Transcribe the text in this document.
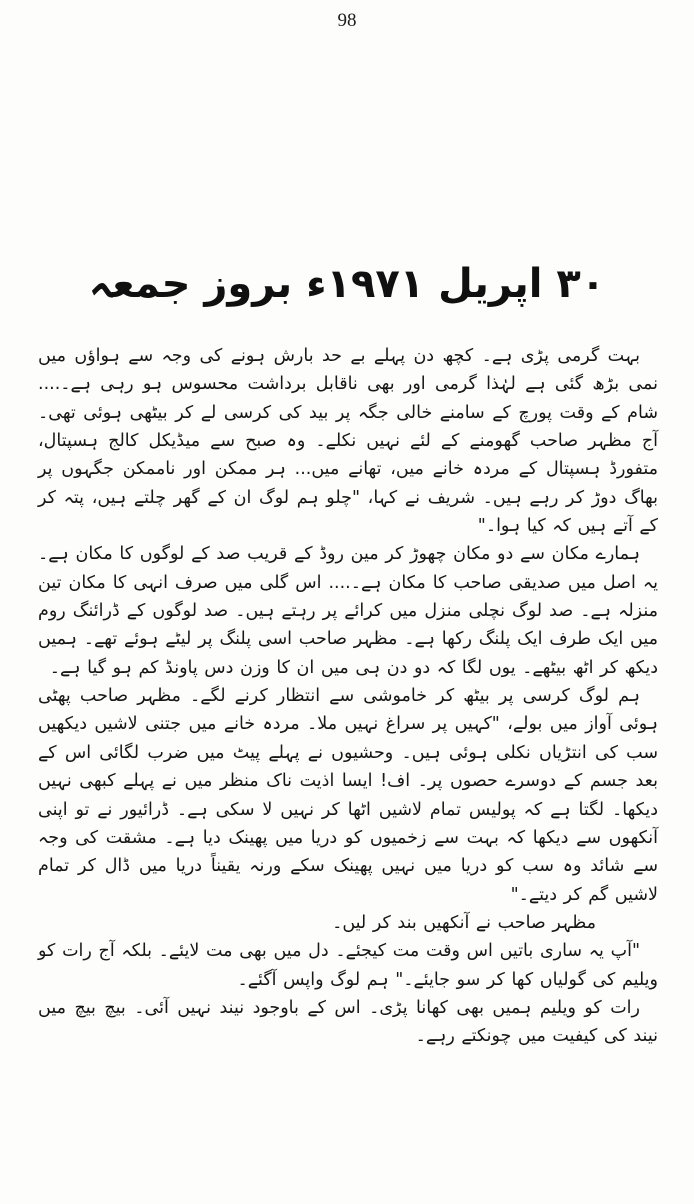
98
۳۰ اپریل ۱۹۷۱ء بروز جمعہ

بہت گرمی پڑی ہے۔ کچھ دن پہلے بے حد بارش ہونے کی وجہ سے ہواؤں میں نمی بڑھ گئی ہے لہٰذا گرمی اور بھی ناقابل برداشت محسوس ہو رہی ہے۔.... شام کے وقت پورچ کے سامنے خالی جگہ پر بید کی کرسی لے کر بیٹھی ہوئی تھی۔ آج مظہر صاحب گھومنے کے لئے نہیں نکلے۔ وہ صبح سے میڈیکل کالج ہسپتال، متفورڈ ہسپتال کے مردہ خانے میں، تھانے میں... ہر ممکن اور ناممکن جگہوں پر بھاگ دوڑ کر رہے ہیں۔ شریف نے کہا، "چلو ہم لوگ ان کے گھر چلتے ہیں، پتہ کر کے آتے ہیں کہ کیا ہوا۔"

ہمارے مکان سے دو مکان چھوڑ کر مین روڈ کے قریب صد کے لوگوں کا مکان ہے۔ یہ اصل میں صدیقی صاحب کا مکان ہے۔.... اس گلی میں صرف انہی کا مکان تین منزلہ ہے۔ صد لوگ نچلی منزل میں کرائے پر رہتے ہیں۔ صد لوگوں کے ڈرائنگ روم میں ایک طرف ایک پلنگ رکھا ہے۔ مظہر صاحب اسی پلنگ پر لیٹے ہوئے تھے۔ ہمیں دیکھ کر اٹھ بیٹھے۔ یوں لگا کہ دو دن ہی میں ان کا وزن دس پاونڈ کم ہو گیا ہے۔

ہم لوگ کرسی پر بیٹھ کر خاموشی سے انتظار کرنے لگے۔ مظہر صاحب پھٹی ہوئی آواز میں بولے، "کہیں پر سراغ نہیں ملا۔ مردہ خانے میں جتنی لاشیں دیکھیں سب کی انتڑیاں نکلی ہوئی ہیں۔ وحشیوں نے پہلے پیٹ میں ضرب لگائی اس کے بعد جسم کے دوسرے حصوں پر۔ اف! ایسا اذیت ناک منظر میں نے پہلے کبھی نہیں دیکھا۔ لگتا ہے کہ پولیس تمام لاشیں اٹھا کر نہیں لا سکی ہے۔ ڈرائیور نے تو اپنی آنکھوں سے دیکھا کہ بہت سے زخمیوں کو دریا میں پھینک دیا ہے۔ مشقت کی وجہ سے شائد وہ سب کو دریا میں نہیں پھینک سکے ورنہ یقیناً دریا میں ڈال کر تمام لاشیں گم کر دیتے۔"

مظہر صاحب نے آنکھیں بند کر لیں۔

"آپ یہ ساری باتیں اس وقت مت کیجئے۔ دل میں بھی مت لایئے۔ بلکہ آج رات کو ویلیم کی گولیاں کھا کر سو جایئے۔" ہم لوگ واپس آگئے۔

رات کو ویلیم ہمیں بھی کھانا پڑی۔ اس کے باوجود نیند نہیں آئی۔ بیچ بیچ میں نیند کی کیفیت میں چونکتے رہے۔
